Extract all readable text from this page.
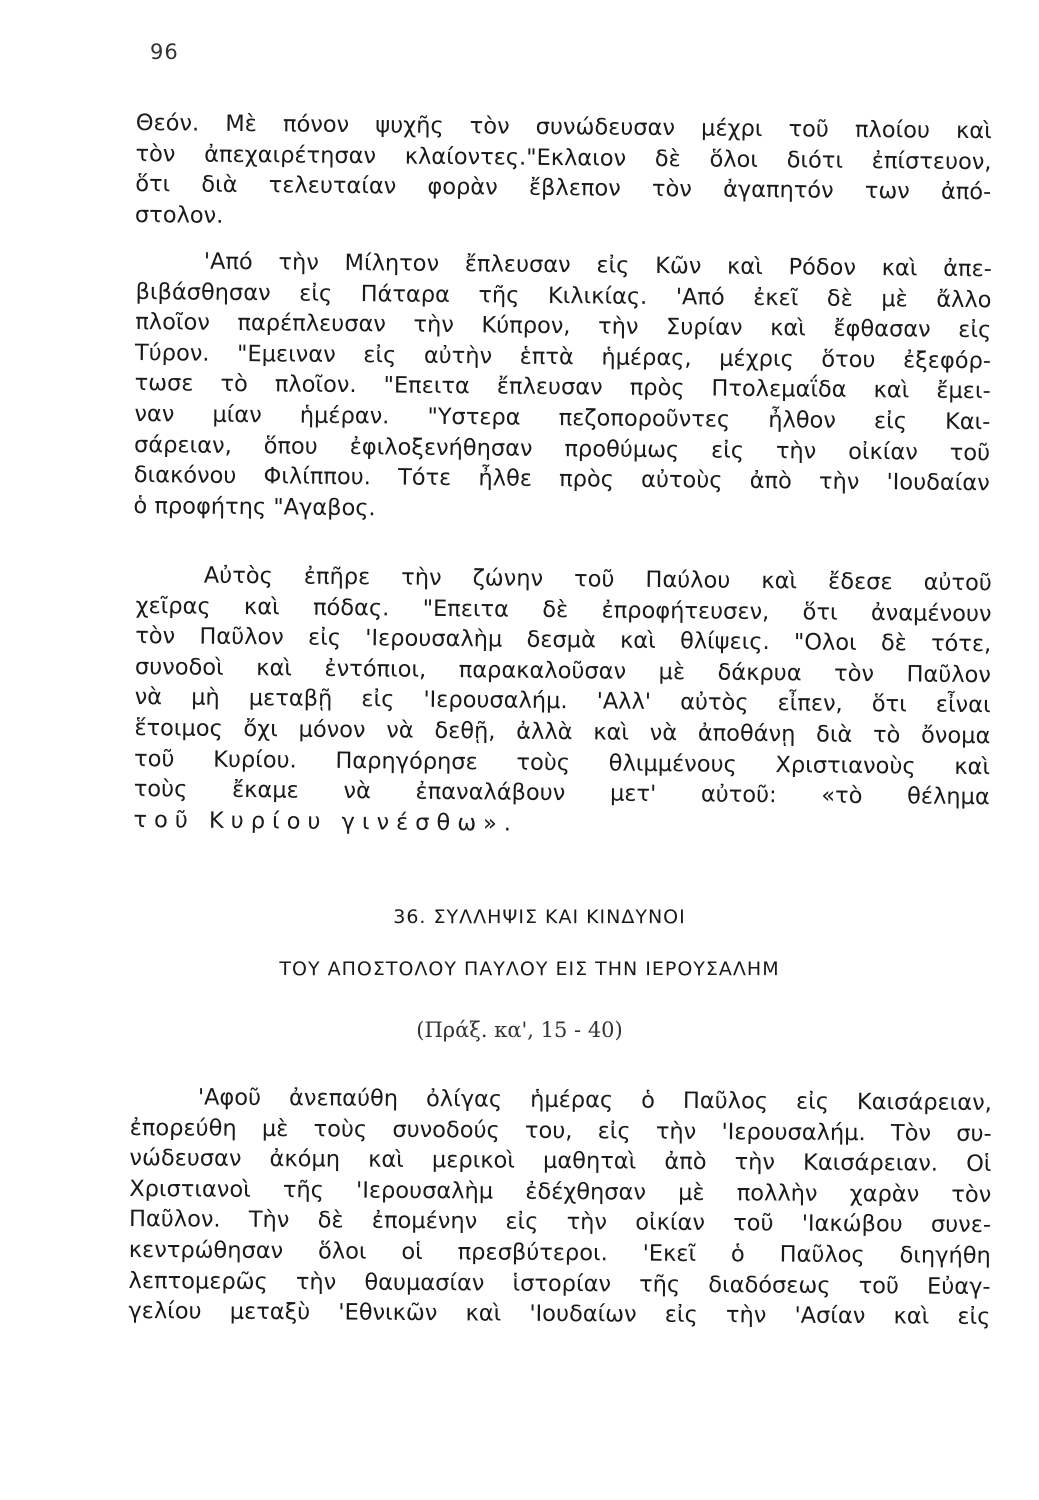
96
Θεόν. Μὲ πόνον ψυχῆς τὸν συνώδευσαν μέχρι τοῦ πλοίου καὶ
τὸν ἀπεχαιρέτησαν κλαίοντες."Εκλαιον δὲ ὅλοι διότι ἐπίστευον,
ὅτι διὰ τελευταίαν φορὰν ἔβλεπον τὸν ἀγαπητόν των ἀπό-
στολον.
'Από τὴν Μίλητον ἔπλευσαν εἰς Κῶν καὶ Ρόδον καὶ ἀπε-
βιβάσθησαν εἰς Πάταρα τῆς Κιλικίας. 'Από ἐκεῖ δὲ μὲ ἄλλο
πλοῖον παρέπλευσαν τὴν Κύπρον, τὴν Συρίαν καὶ ἔφθασαν εἰς
Τύρον. "Εμειναν εἰς αὐτὴν ἑπτὰ ἡμέρας, μέχρις ὅτου ἐξεφόρ-
τωσε τὸ πλοῖον. "Επειτα ἔπλευσαν πρὸς Πτολεμαΐδα καὶ ἔμει-
ναν μίαν ἡμέραν. "Υστερα πεζοποροῦντες ἦλθον εἰς Και-
σάρειαν, ὅπου ἐφιλοξενήθησαν προθύμως εἰς τὴν οἰκίαν τοῦ
διακόνου Φιλίππου. Τότε ἦλθε πρὸς αὐτοὺς ἀπὸ τὴν 'Ιουδαίαν
ὁ προφήτης "Αγαβος.
Αὐτὸς ἐπῆρε τὴν ζώνην τοῦ Παύλου καὶ ἔδεσε αὐτοῦ
χεῖρας καὶ πόδας. "Επειτα δὲ ἐπροφήτευσεν, ὅτι ἀναμένουν
τὸν Παῦλον εἰς 'Ιερουσαλὴμ δεσμὰ καὶ θλίψεις. "Ολοι δὲ τότε,
συνοδοὶ καὶ ἐντόπιοι, παρακαλοῦσαν μὲ δάκρυα τὸν Παῦλον
νὰ μὴ μεταβῇ εἰς 'Ιερουσαλήμ. 'Αλλ' αὐτὸς εἶπεν, ὅτι εἶναι
ἕτοιμος ὄχι μόνον νὰ δεθῇ, ἀλλὰ καὶ νὰ ἀποθάνῃ διὰ τὸ ὄνομα
τοῦ Κυρίου. Παρηγόρησε τοὺς θλιμμένους Χριστιανοὺς καὶ
τοὺς ἔκαμε νὰ ἐπαναλάβουν μετ' αὐτοῦ: «τὸ θέλημα
τοῦ Κυρίου γινέσθω».
36. ΣΥΛΛΗΨΙΣ ΚΑΙ ΚΙΝΔΥΝΟΙ
ΤΟΥ ΑΠΟΣΤΟΛΟΥ ΠΑΥΛΟΥ ΕΙΣ ΤΗΝ ΙΕΡΟΥΣΑΛΗΜ
(Πράξ. κα', 15 - 40)
'Αφοῦ ἀνεπαύθη ὀλίγας ἡμέρας ὁ Παῦλος εἰς Καισάρειαν,
ἐπορεύθη μὲ τοὺς συνοδούς του, εἰς τὴν 'Ιερουσαλήμ. Τὸν συ-
νώδευσαν ἀκόμη καὶ μερικοὶ μαθηταὶ ἀπὸ τὴν Καισάρειαν. Οἱ
Χριστιανοὶ τῆς 'Ιερουσαλὴμ ἐδέχθησαν μὲ πολλὴν χαρὰν τὸν
Παῦλον. Τὴν δὲ ἐπομένην εἰς τὴν οἰκίαν τοῦ 'Ιακώβου συνε-
κεντρώθησαν ὅλοι οἱ πρεσβύτεροι. 'Εκεῖ ὁ Παῦλος διηγήθη
λεπτομερῶς τὴν θαυμασίαν ἱστορίαν τῆς διαδόσεως τοῦ Εὐαγ-
γελίου μεταξὺ 'Εθνικῶν καὶ 'Ιουδαίων εἰς τὴν 'Ασίαν καὶ εἰς
